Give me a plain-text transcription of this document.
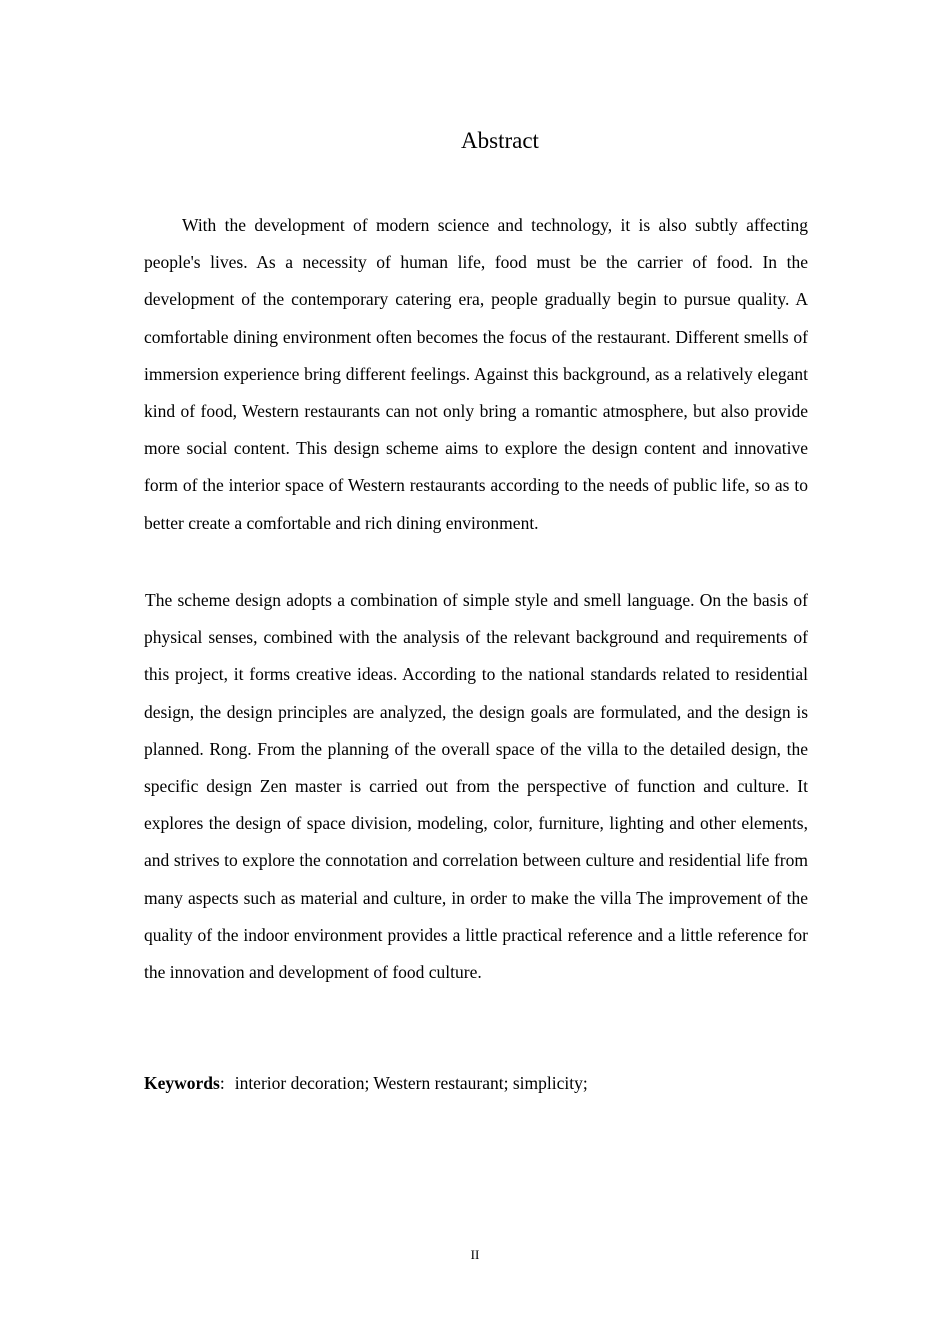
Abstract

With the development of modern science and technology, it is also subtly affecting people's lives. As a necessity of human life, food must be the carrier of food. In the development of the contemporary catering era, people gradually begin to pursue quality. A comfortable dining environment often becomes the focus of the restaurant. Different smells of immersion experience bring different feelings. Against this background, as a relatively elegant kind of food, Western restaurants can not only bring a romantic atmosphere, but also provide more social content. This design scheme aims to explore the design content and innovative form of the interior space of Western restaurants according to the needs of public life, so as to better create a comfortable and rich dining environment.

The scheme design adopts a combination of simple style and smell language. On the basis of physical senses, combined with the analysis of the relevant background and requirements of this project, it forms creative ideas. According to the national standards related to residential design, the design principles are analyzed, the design goals are formulated, and the design is planned. Rong. From the planning of the overall space of the villa to the detailed design, the specific design Zen master is carried out from the perspective of function and culture. It explores the design of space division, modeling, color, furniture, lighting and other elements, and strives to explore the connotation and correlation between culture and residential life from many aspects such as material and culture, in order to make the villa The improvement of the quality of the indoor environment provides a little practical reference and a little reference for the innovation and development of food culture.

Keywords: interior decoration; Western restaurant; simplicity;

II
